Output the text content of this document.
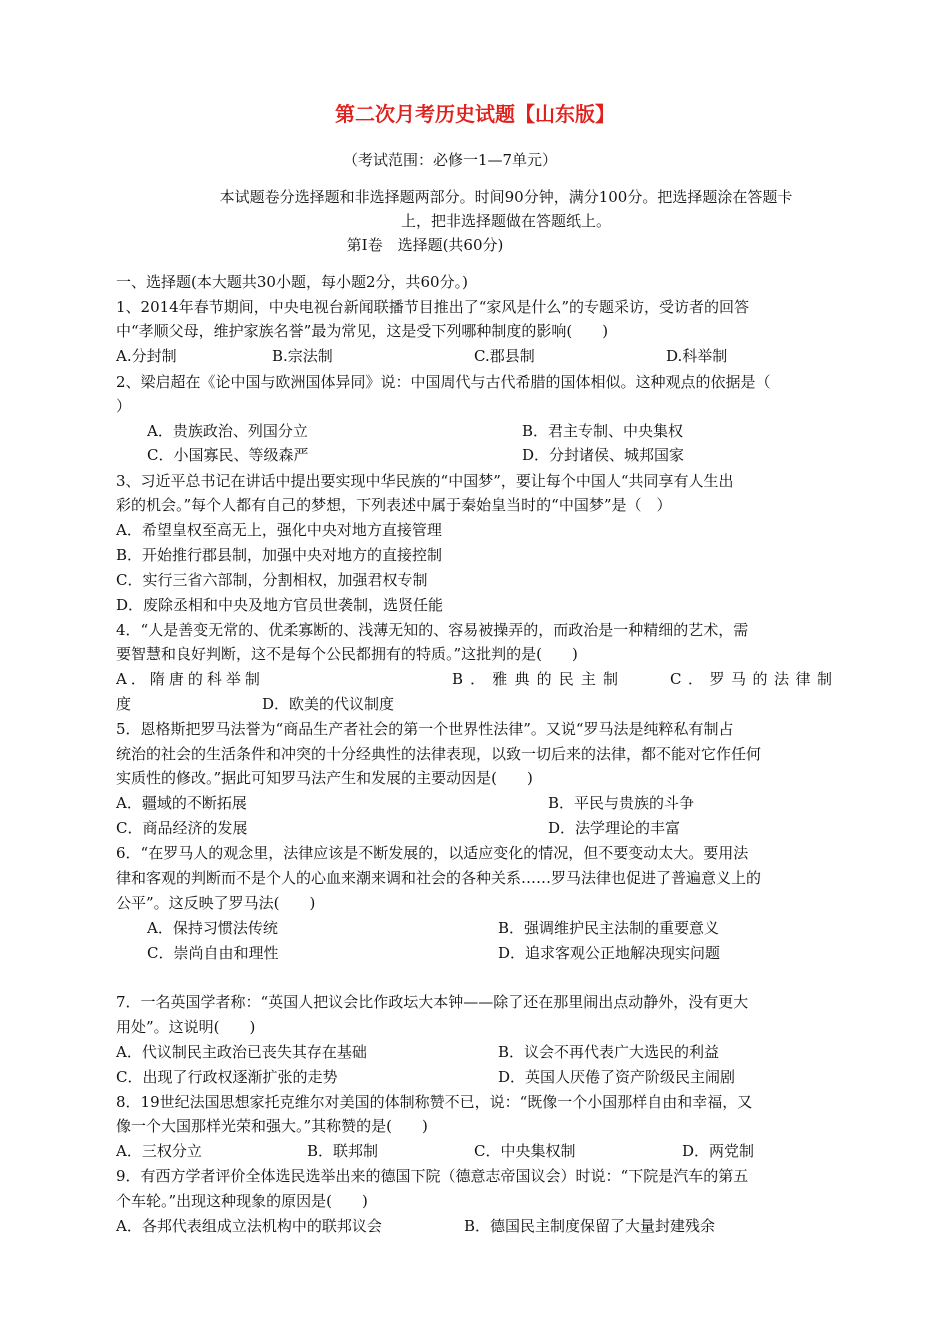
第二次月考历史试题【山东版】
（考试范围：必修一1—7单元）
本试题卷分选择题和非选择题两部分。时间90分钟，满分100分。把选择题涂在答题卡
上，把非选择题做在答题纸上。
第Ⅰ卷　选择题(共60分)
一、选择题(本大题共30小题，每小题2分，共60分。)
1、2014年春节期间，中央电视台新闻联播节目推出了“家风是什么”的专题采访，受访者的回答
中“孝顺父母，维护家族名誉”最为常见，这是受下列哪种制度的影响(　　)
A.分封制	B.宗法制	C.郡县制	D.科举制
2、梁启超在《论中国与欧洲国体异同》说：中国周代与古代希腊的国体相似。这种观点的依据是（
）
A．贵族政治、列国分立	B．君主专制、中央集权
C．小国寡民、等级森严	D．分封诸侯、城邦国家
3、习近平总书记在讲话中提出要实现中华民族的“中国梦”，要让每个中国人“共同享有人生出
彩的机会。”每个人都有自己的梦想，下列表述中属于秦始皇当时的“中国梦”是（　）
A．希望皇权至高无上，强化中央对地方直接管理
B．开始推行郡县制，加强中央对地方的直接控制
C．实行三省六部制，分割相权，加强君权专制
D．废除丞相和中央及地方官员世袭制，选贤任能
4．“人是善变无常的、优柔寡断的、浅薄无知的、容易被操弄的，而政治是一种精细的艺术，需
要智慧和良好判断，这不是每个公民都拥有的特质。”这批判的是(　　)
A．隋唐的科举制	B．雅典的民主制	C．罗马的法律制
度	D．欧美的代议制度
5．恩格斯把罗马法誉为“商品生产者社会的第一个世界性法律”。又说“罗马法是纯粹私有制占
统治的社会的生活条件和冲突的十分经典性的法律表现，以致一切后来的法律，都不能对它作任何
实质性的修改。”据此可知罗马法产生和发展的主要动因是(　　)
A．疆域的不断拓展	B．平民与贵族的斗争
C．商品经济的发展	D．法学理论的丰富
6．“在罗马人的观念里，法律应该是不断发展的，以适应变化的情况，但不要变动太大。要用法
律和客观的判断而不是个人的心血来潮来调和社会的各种关系……罗马法律也促进了普遍意义上的
公平”。这反映了罗马法(　　)
A．保持习惯法传统	B．强调维护民主法制的重要意义
C．崇尚自由和理性	D．追求客观公正地解决现实问题
7．一名英国学者称：“英国人把议会比作政坛大本钟——除了还在那里闹出点动静外，没有更大
用处”。这说明(　　)
A．代议制民主政治已丧失其存在基础	B．议会不再代表广大选民的利益
C．出现了行政权逐渐扩张的走势	D．英国人厌倦了资产阶级民主闹剧
8．19世纪法国思想家托克维尔对美国的体制称赞不已，说：“既像一个小国那样自由和幸福，又
像一个大国那样光荣和强大。”其称赞的是(　　)
A．三权分立	B．联邦制	C．中央集权制	D．两党制
9．有西方学者评价全体选民选举出来的德国下院（德意志帝国议会）时说：“下院是汽车的第五
个车轮。”出现这种现象的原因是(　　)
A．各邦代表组成立法机构中的联邦议会	B．德国民主制度保留了大量封建残余
